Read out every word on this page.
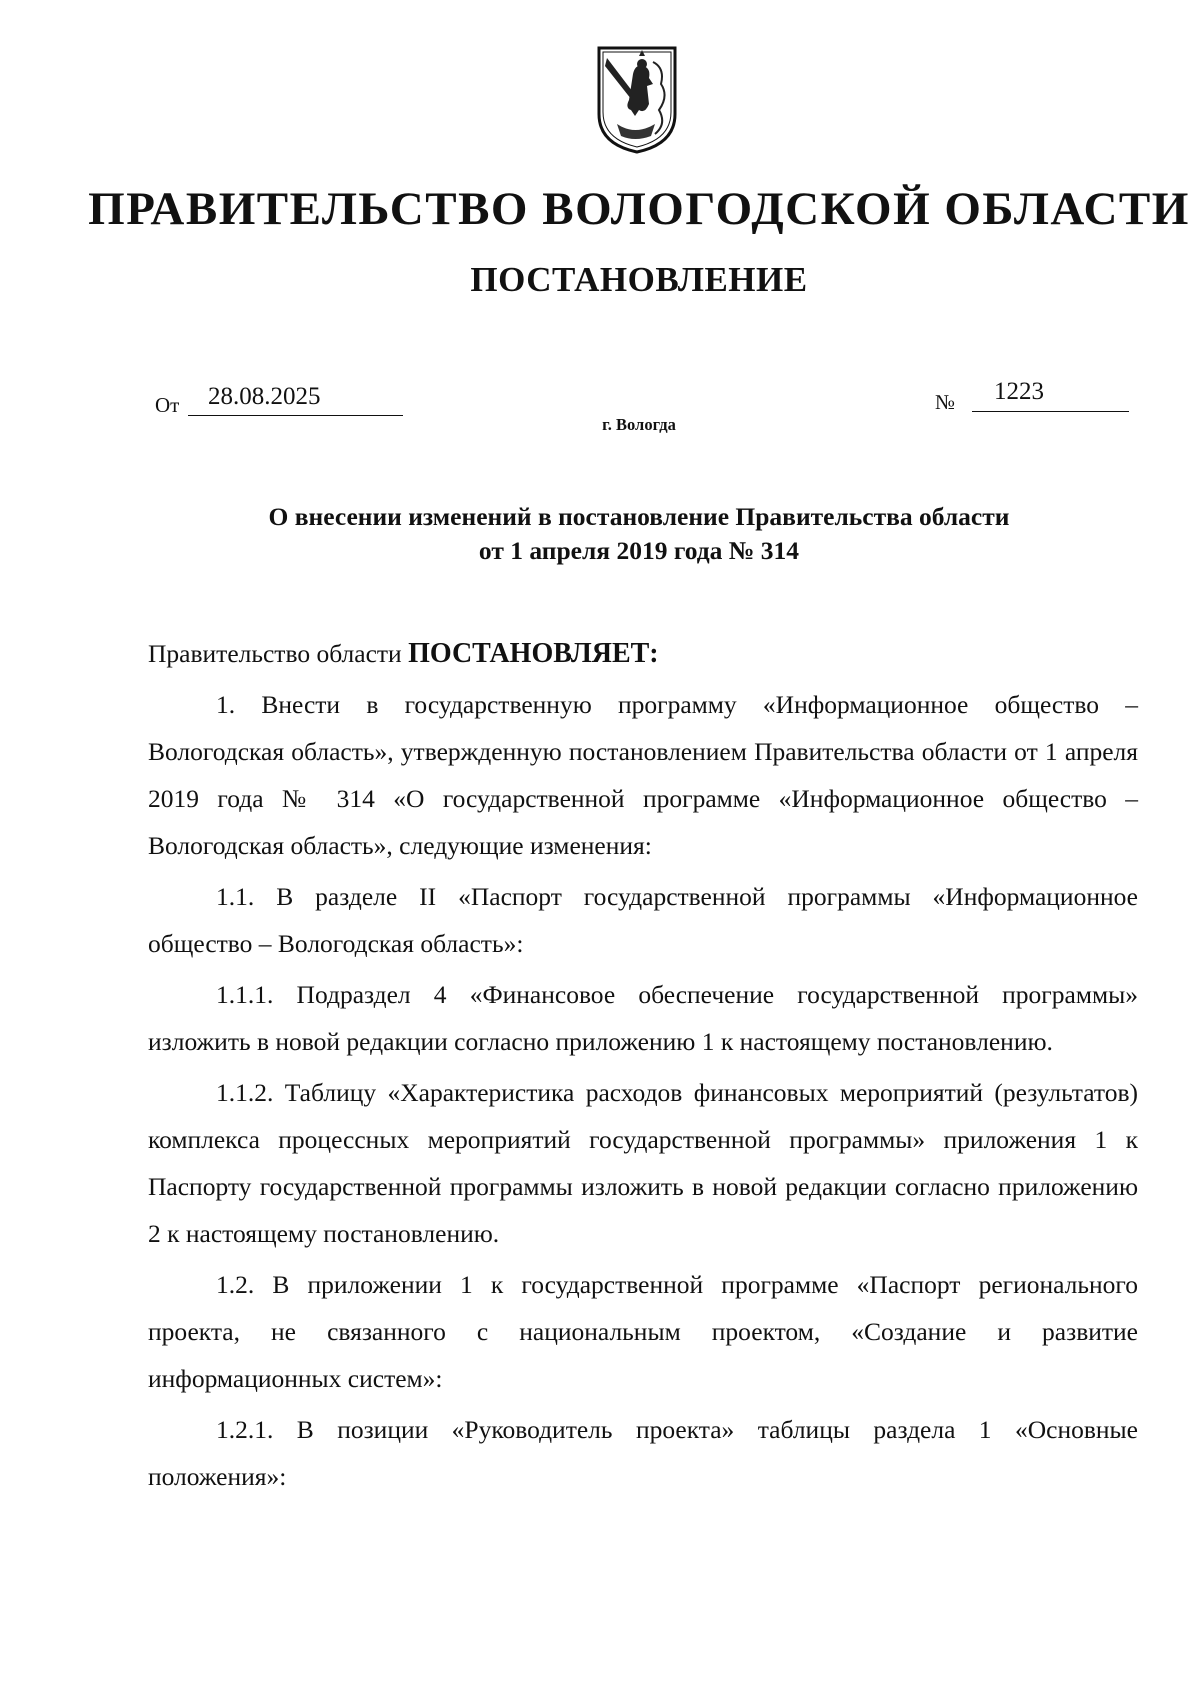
ПРАВИТЕЛЬСТВО ВОЛОГОДСКОЙ ОБЛАСТИ
ПОСТАНОВЛЕНИЕ
От	28.08.2025	№	1223
г. Вологда
О внесении изменений в постановление Правительства области
от 1 апреля 2019 года № 314

Правительство области ПОСТАНОВЛЯЕТ:

1. Внести в государственную программу «Информационное общество – Вологодская область», утвержденную постановлением Правительства области от 1 апреля 2019 года № 314 «О государственной программе «Информационное общество – Вологодская область», следующие изменения:

1.1. В разделе II «Паспорт государственной программы «Информационное общество – Вологодская область»:

1.1.1. Подраздел 4 «Финансовое обеспечение государственной программы» изложить в новой редакции согласно приложению 1 к настоящему постановлению.

1.1.2. Таблицу «Характеристика расходов финансовых мероприятий (результатов) комплекса процессных мероприятий государственной программы» приложения 1 к Паспорту государственной программы изложить в новой редакции согласно приложению 2 к настоящему постановлению.

1.2. В приложении 1 к государственной программе «Паспорт регионального проекта, не связанного с национальным проектом, «Создание и развитие информационных систем»:

1.2.1. В позиции «Руководитель проекта» таблицы раздела 1 «Основные положения»:
